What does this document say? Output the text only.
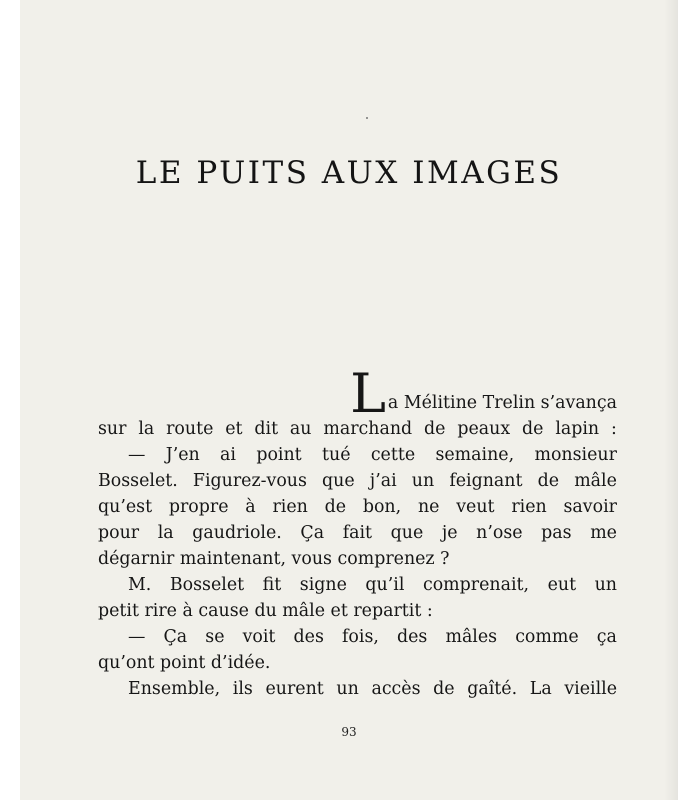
LE PUITS AUX IMAGES
L a Mélitine Trelin s’avança
sur la route et dit au marchand de peaux de lapin :
— J’en ai point tué cette semaine, monsieur
Bosselet. Figurez-vous que j’ai un feignant de mâle
qu’est propre à rien de bon, ne veut rien savoir
pour la gaudriole. Ça fait que je n’ose pas me
dégarnir maintenant, vous comprenez ?
M. Bosselet fit signe qu’il comprenait, eut un
petit rire à cause du mâle et repartit :
— Ça se voit des fois, des mâles comme ça
qu’ont point d’idée.
Ensemble, ils eurent un accès de gaîté. La vieille
93
